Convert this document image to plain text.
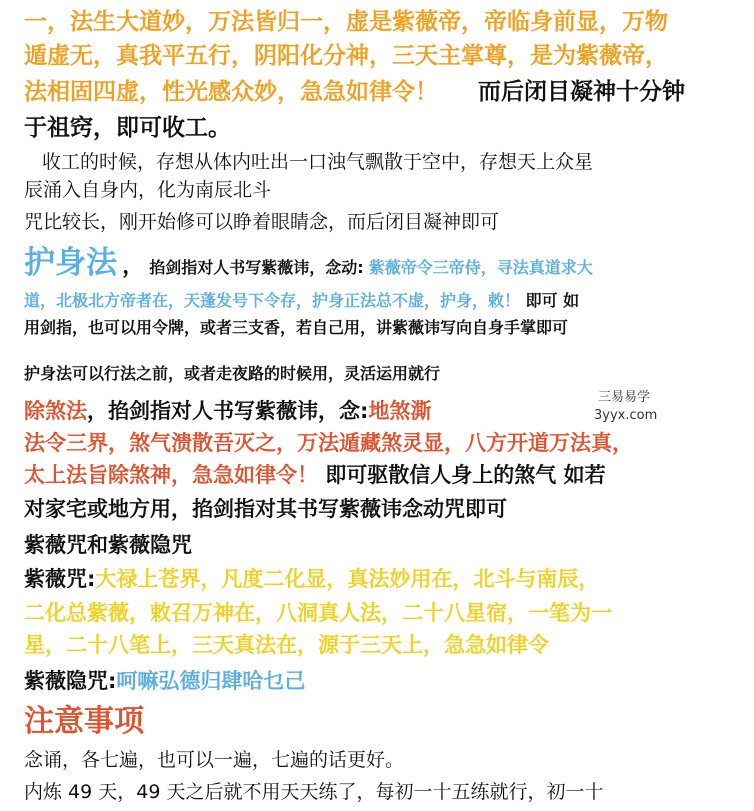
一，法生大道妙，万法皆归一，虚是紫薇帝，帝临身前显，万物
遁虚无，真我平五行，阴阳化分神，三天主掌尊，是为紫薇帝，
法相固四虚，性光感众妙，急急如律令！ 而后闭目凝神十分钟
于祖窍，即可收工。
收工的时候，存想从体内吐出一口浊气飘散于空中，存想天上众星
辰涌入自身内，化为南辰北斗
咒比较长，刚开始修可以睁着眼睛念，而后闭目凝神即可
护身法 ， 掐剑指对人书写紫薇讳，念动: 紫薇帝令三帝侍，寻法真道求大
道，北极北方帝者在，天蓬发号下令存，护身正法总不虚，护身，敕！ 即可 如
用剑指，也可以用令牌，或者三支香，若自己用，讲紫薇讳写向自身手掌即可
护身法可以行法之前，或者走夜路的时候用，灵活运用就行
三易易学
3yyx.com
除煞法，掐剑指对人书写紫薇讳，念:地煞澌
法令三界，煞气溃散吾灭之，万法遁藏煞灵显，八方开道万法真，
太上法旨除煞神，急急如律令！ 即可驱散信人身上的煞气 如若
对家宅或地方用，掐剑指对其书写紫薇讳念动咒即可
紫薇咒和紫薇隐咒
紫薇咒:大禄上苍界，凡度二化显，真法妙用在，北斗与南辰，
二化总紫薇，敕召万神在，八洞真人法，二十八星宿，一笔为一
星，二十八笔上，三天真法在，源于三天上，急急如律令
紫薇隐咒:呵嘛弘德归肆哈乜己
注意事项
念诵，各七遍，也可以一遍，七遍的话更好。
内炼 49 天，49 天之后就不用天天练了，每初一十五练就行，初一十
